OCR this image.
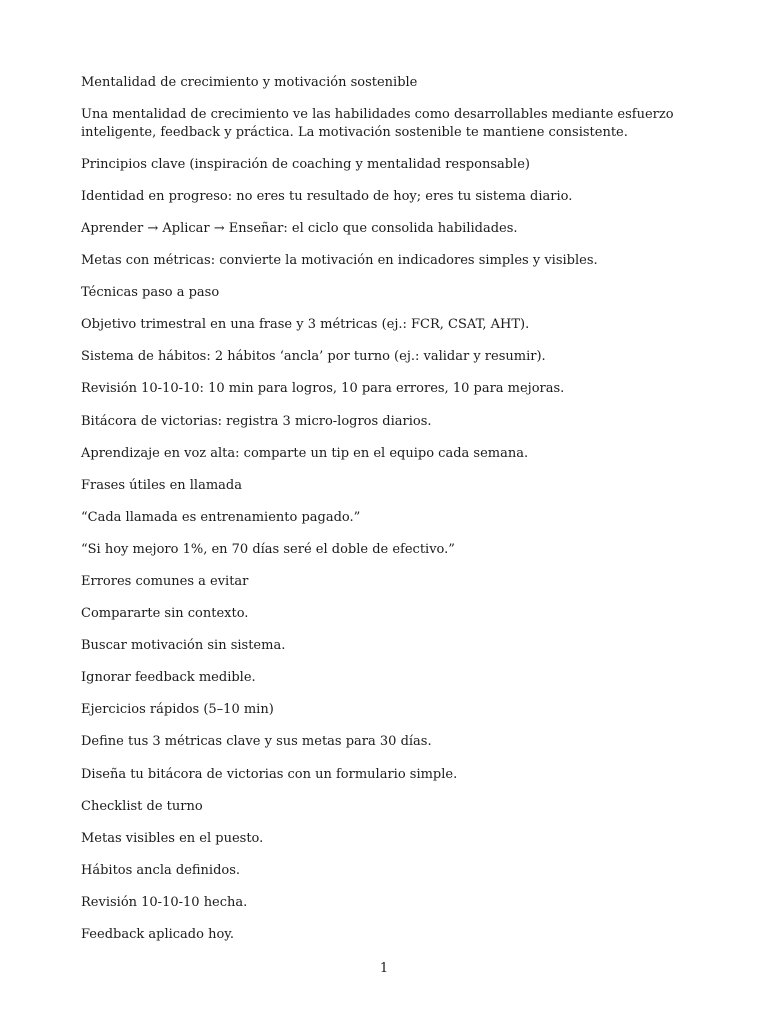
Mentalidad de crecimiento y motivación sostenible

Una mentalidad de crecimiento ve las habilidades como desarrollables mediante esfuerzo inteligente, feedback y práctica. La motivación sostenible te mantiene consistente.

Principios clave (inspiración de coaching y mentalidad responsable)

Identidad en progreso: no eres tu resultado de hoy; eres tu sistema diario.

Aprender → Aplicar → Enseñar: el ciclo que consolida habilidades.

Metas con métricas: convierte la motivación en indicadores simples y visibles.

Técnicas paso a paso

Objetivo trimestral en una frase y 3 métricas (ej.: FCR, CSAT, AHT).

Sistema de hábitos: 2 hábitos ‘ancla’ por turno (ej.: validar y resumir).

Revisión 10-10-10: 10 min para logros, 10 para errores, 10 para mejoras.

Bitácora de victorias: registra 3 micro-logros diarios.

Aprendizaje en voz alta: comparte un tip en el equipo cada semana.

Frases útiles en llamada

“Cada llamada es entrenamiento pagado.”

“Si hoy mejoro 1%, en 70 días seré el doble de efectivo.”

Errores comunes a evitar

Compararte sin contexto.

Buscar motivación sin sistema.

Ignorar feedback medible.

Ejercicios rápidos (5–10 min)

Define tus 3 métricas clave y sus metas para 30 días.

Diseña tu bitácora de victorias con un formulario simple.

Checklist de turno

Metas visibles en el puesto.

Hábitos ancla definidos.

Revisión 10-10-10 hecha.

Feedback aplicado hoy.

1
